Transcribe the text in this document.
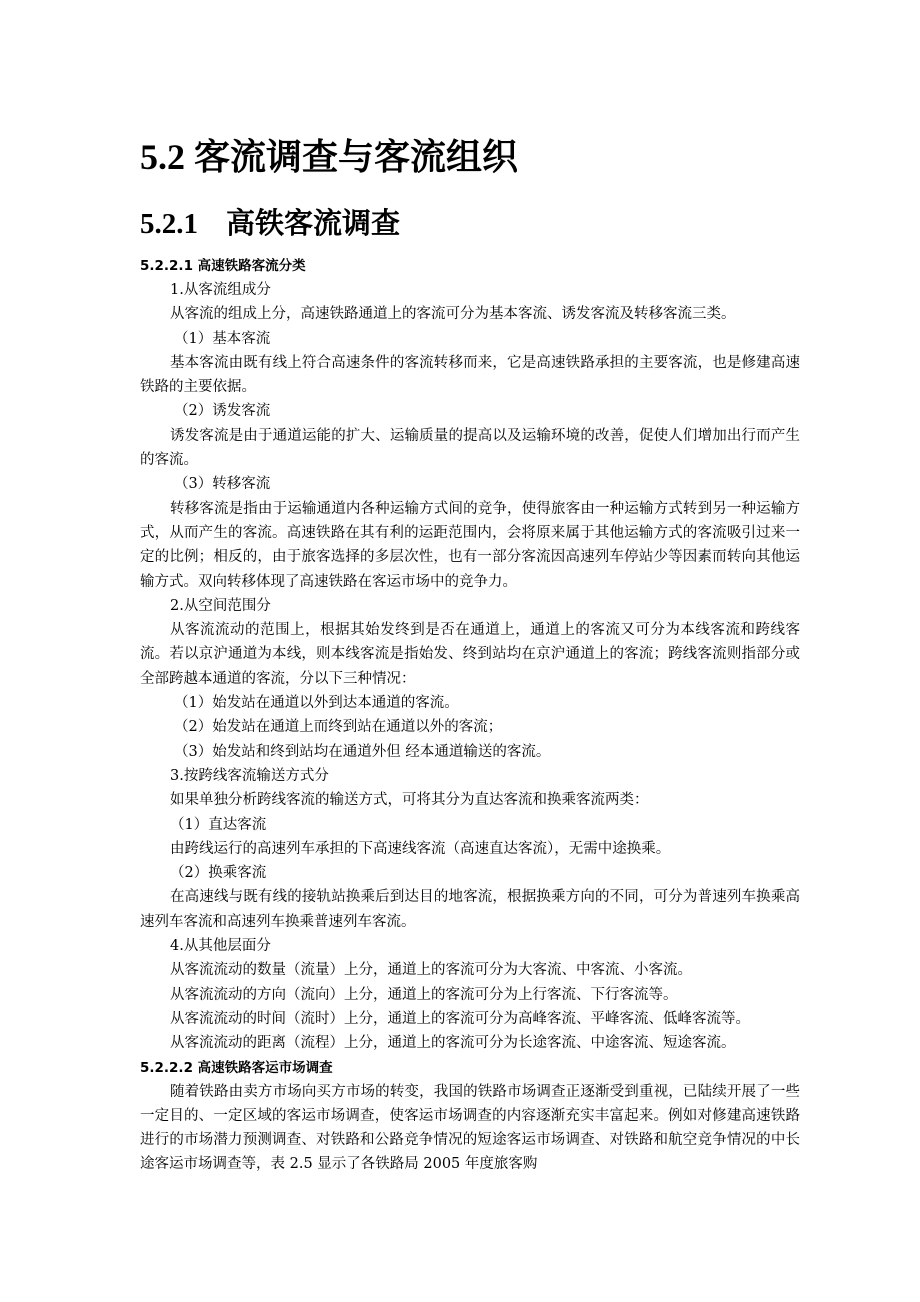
5.2 客流调查与客流组织
5.2.1 高铁客流调查
5.2.2.1 高速铁路客流分类

1.从客流组成分

从客流的组成上分，高速铁路通道上的客流可分为基本客流、诱发客流及转移客流三类。

（1）基本客流

基本客流由既有线上符合高速条件的客流转移而来，它是高速铁路承担的主要客流，也是修建高速铁路的主要依据。

（2）诱发客流

诱发客流是由于通道运能的扩大、运输质量的提高以及运输环境的改善，促使人们增加出行而产生的客流。

（3）转移客流

转移客流是指由于运输通道内各种运输方式间的竞争，使得旅客由一种运输方式转到另一种运输方式，从而产生的客流。高速铁路在其有利的运距范围内，会将原来属于其他运输方式的客流吸引过来一定的比例；相反的，由于旅客选择的多层次性，也有一部分客流因高速列车停站少等因素而转向其他运输方式。双向转移体现了高速铁路在客运市场中的竞争力。

2.从空间范围分

从客流流动的范围上，根据其始发终到是否在通道上，通道上的客流又可分为本线客流和跨线客流。若以京沪通道为本线，则本线客流是指始发、终到站均在京沪通道上的客流；跨线客流则指部分或全部跨越本通道的客流，分以下三种情况：

（1）始发站在通道以外到达本通道的客流。

（2）始发站在通道上而终到站在通道以外的客流；

（3）始发站和终到站均在通道外但 经本通道输送的客流。

3.按跨线客流输送方式分

如果单独分析跨线客流的输送方式，可将其分为直达客流和换乘客流两类：

（1）直达客流

由跨线运行的高速列车承担的下高速线客流（高速直达客流），无需中途换乘。

（2）换乘客流

在高速线与既有线的接轨站换乘后到达目的地客流，根据换乘方向的不同，可分为普速列车换乘高速列车客流和高速列车换乘普速列车客流。

4.从其他层面分

从客流流动的数量（流量）上分，通道上的客流可分为大客流、中客流、小客流。

从客流流动的方向（流向）上分，通道上的客流可分为上行客流、下行客流等。

从客流流动的时间（流时）上分，通道上的客流可分为高峰客流、平峰客流、低峰客流等。

从客流流动的距离（流程）上分，通道上的客流可分为长途客流、中途客流、短途客流。

5.2.2.2 高速铁路客运市场调查

随着铁路由卖方市场向买方市场的转变，我国的铁路市场调查正逐渐受到重视，已陆续开展了一些一定目的、一定区域的客运市场调查，使客运市场调查的内容逐渐充实丰富起来。例如对修建高速铁路进行的市场潜力预测调查、对铁路和公路竞争情况的短途客运市场调查、对铁路和航空竞争情况的中长途客运市场调查等，表 2.5 显示了各铁路局 2005 年度旅客购
